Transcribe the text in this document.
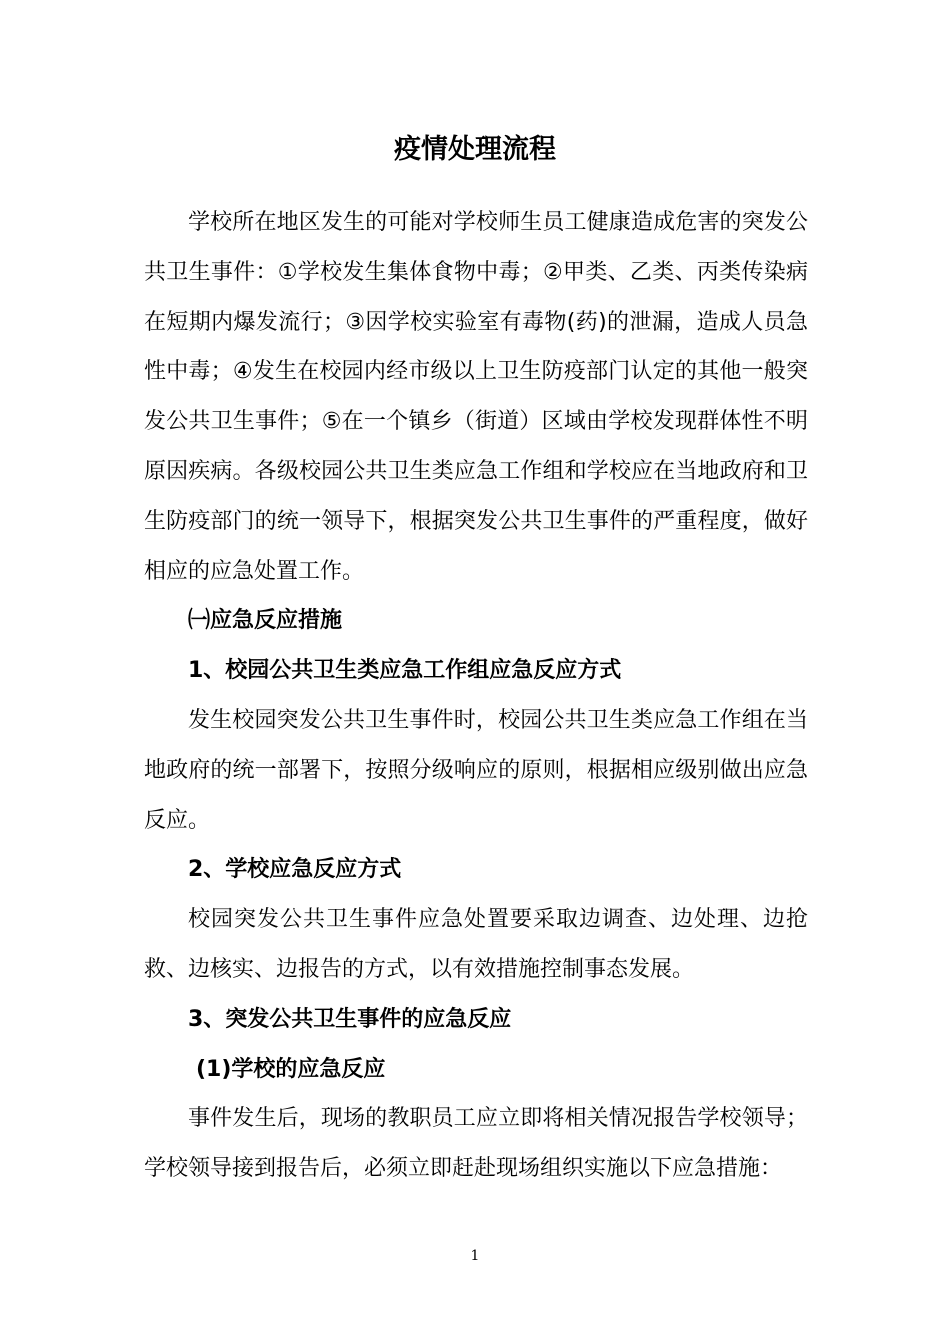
疫情处理流程

学校所在地区发生的可能对学校师生员工健康造成危害的突发公共卫生事件：①学校发生集体食物中毒；②甲类、乙类、丙类传染病在短期内爆发流行；③因学校实验室有毒物(药)的泄漏，造成人员急性中毒；④发生在校园内经市级以上卫生防疫部门认定的其他一般突发公共卫生事件；⑤在一个镇乡（街道）区域由学校发现群体性不明原因疾病。各级校园公共卫生类应急工作组和学校应在当地政府和卫生防疫部门的统一领导下，根据突发公共卫生事件的严重程度，做好相应的应急处置工作。

㈠应急反应措施

1、校园公共卫生类应急工作组应急反应方式

发生校园突发公共卫生事件时，校园公共卫生类应急工作组在当地政府的统一部署下，按照分级响应的原则，根据相应级别做出应急反应。

2、学校应急反应方式

校园突发公共卫生事件应急处置要采取边调查、边处理、边抢救、边核实、边报告的方式，以有效措施控制事态发展。

3、突发公共卫生事件的应急反应

(1)学校的应急反应

事件发生后，现场的教职员工应立即将相关情况报告学校领导；学校领导接到报告后，必须立即赶赴现场组织实施以下应急措施：

1
